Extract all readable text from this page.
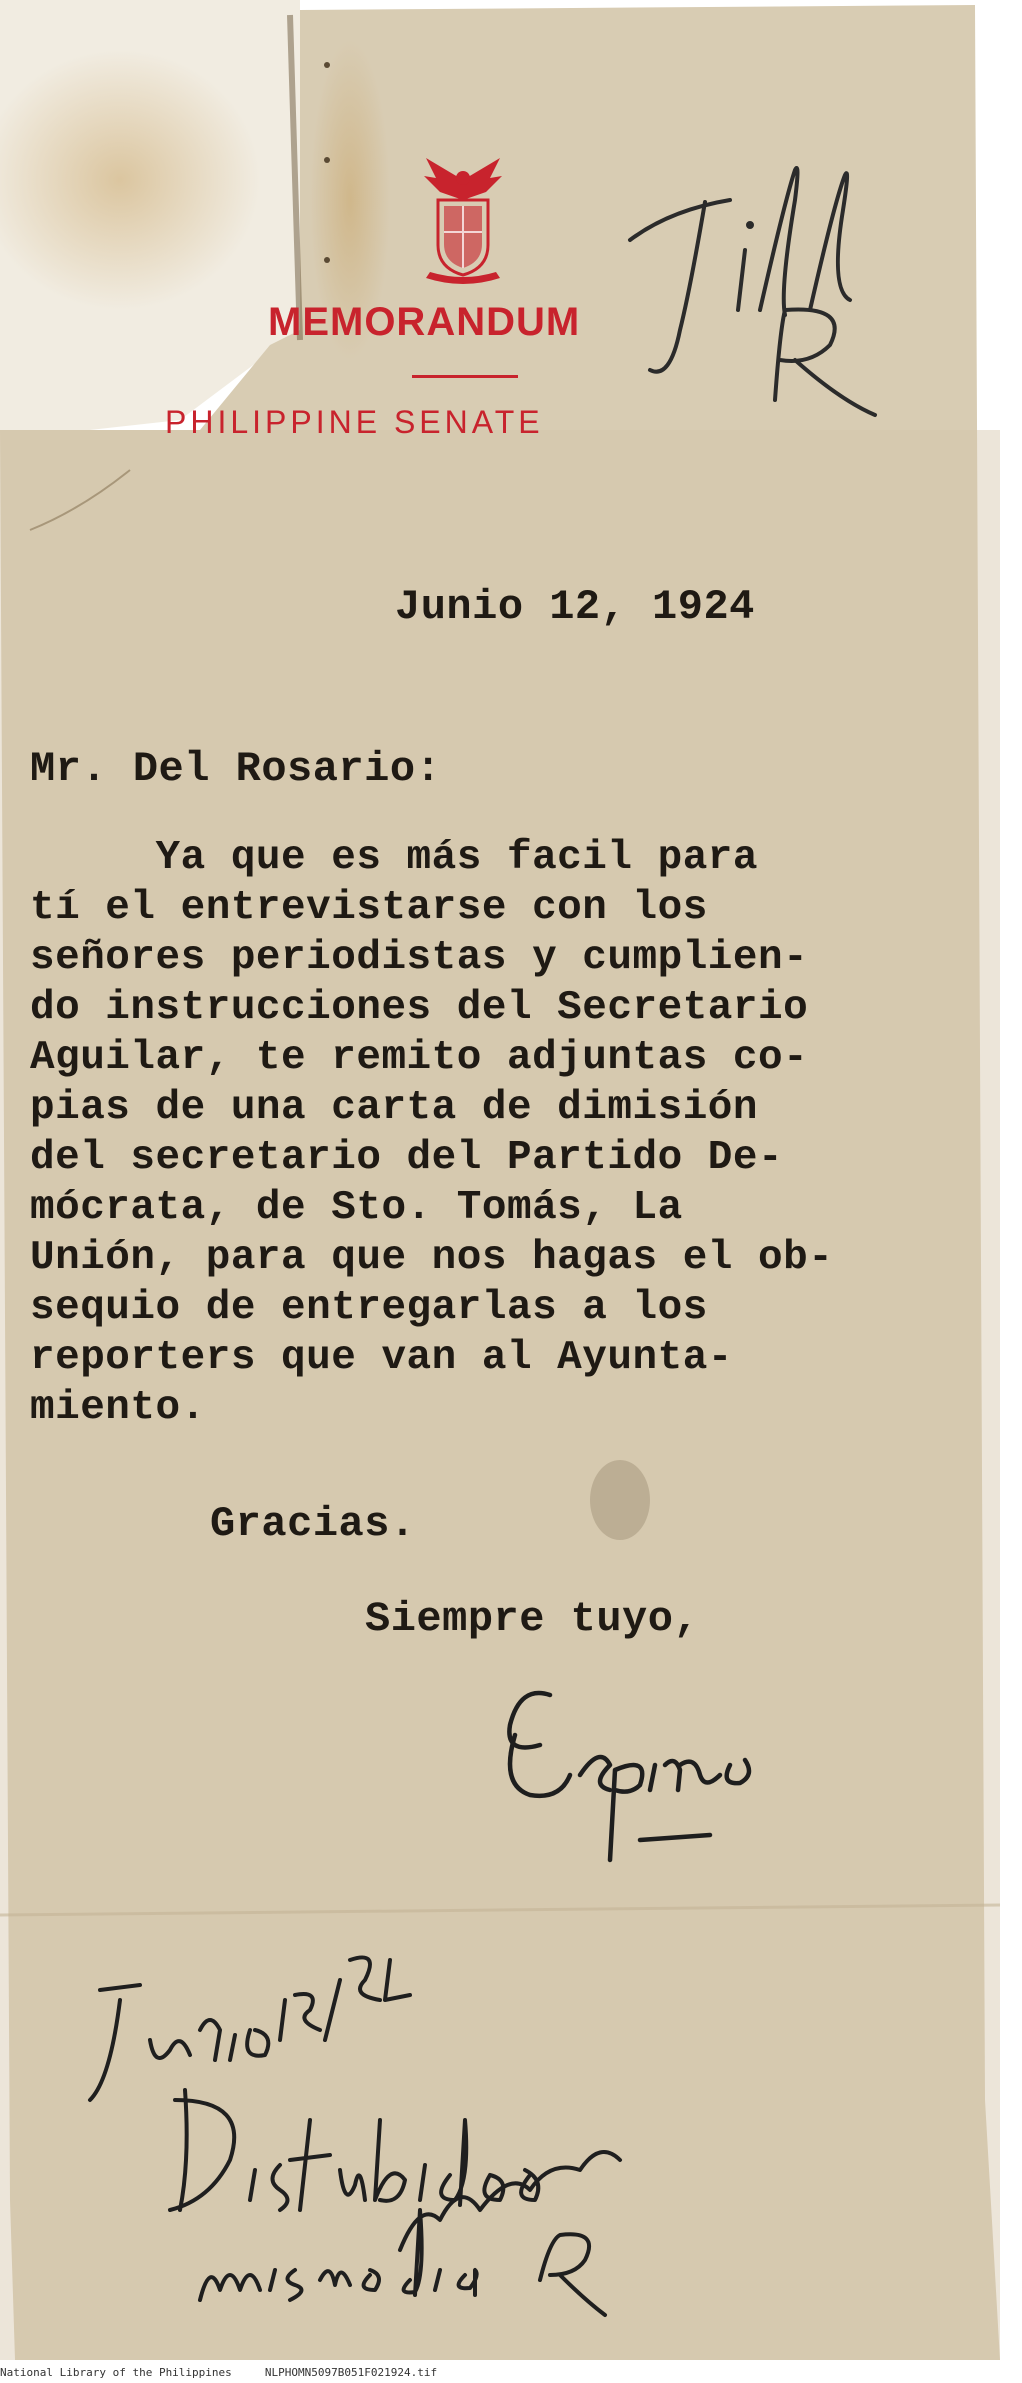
MEMORANDUM
PHILIPPINE SENATE
Junio 12, 1924
Mr. Del Rosario:
Ya que es más facil para
tí el entrevistarse con los
señores periodistas y cumplien-
do instrucciones del Secretario
Aguilar, te remito adjuntas co-
pias de una carta de dimisión
del secretario del Partido De-
mócrata, de Sto. Tomás, La
Unión, para que nos hagas el ob-
sequio de entregarlas a los
reporters que van al Ayunta-
miento.
Gracias.
Siempre tuyo,
National Library of the Philippines     NLPHOMN5097B051F021924.tif
